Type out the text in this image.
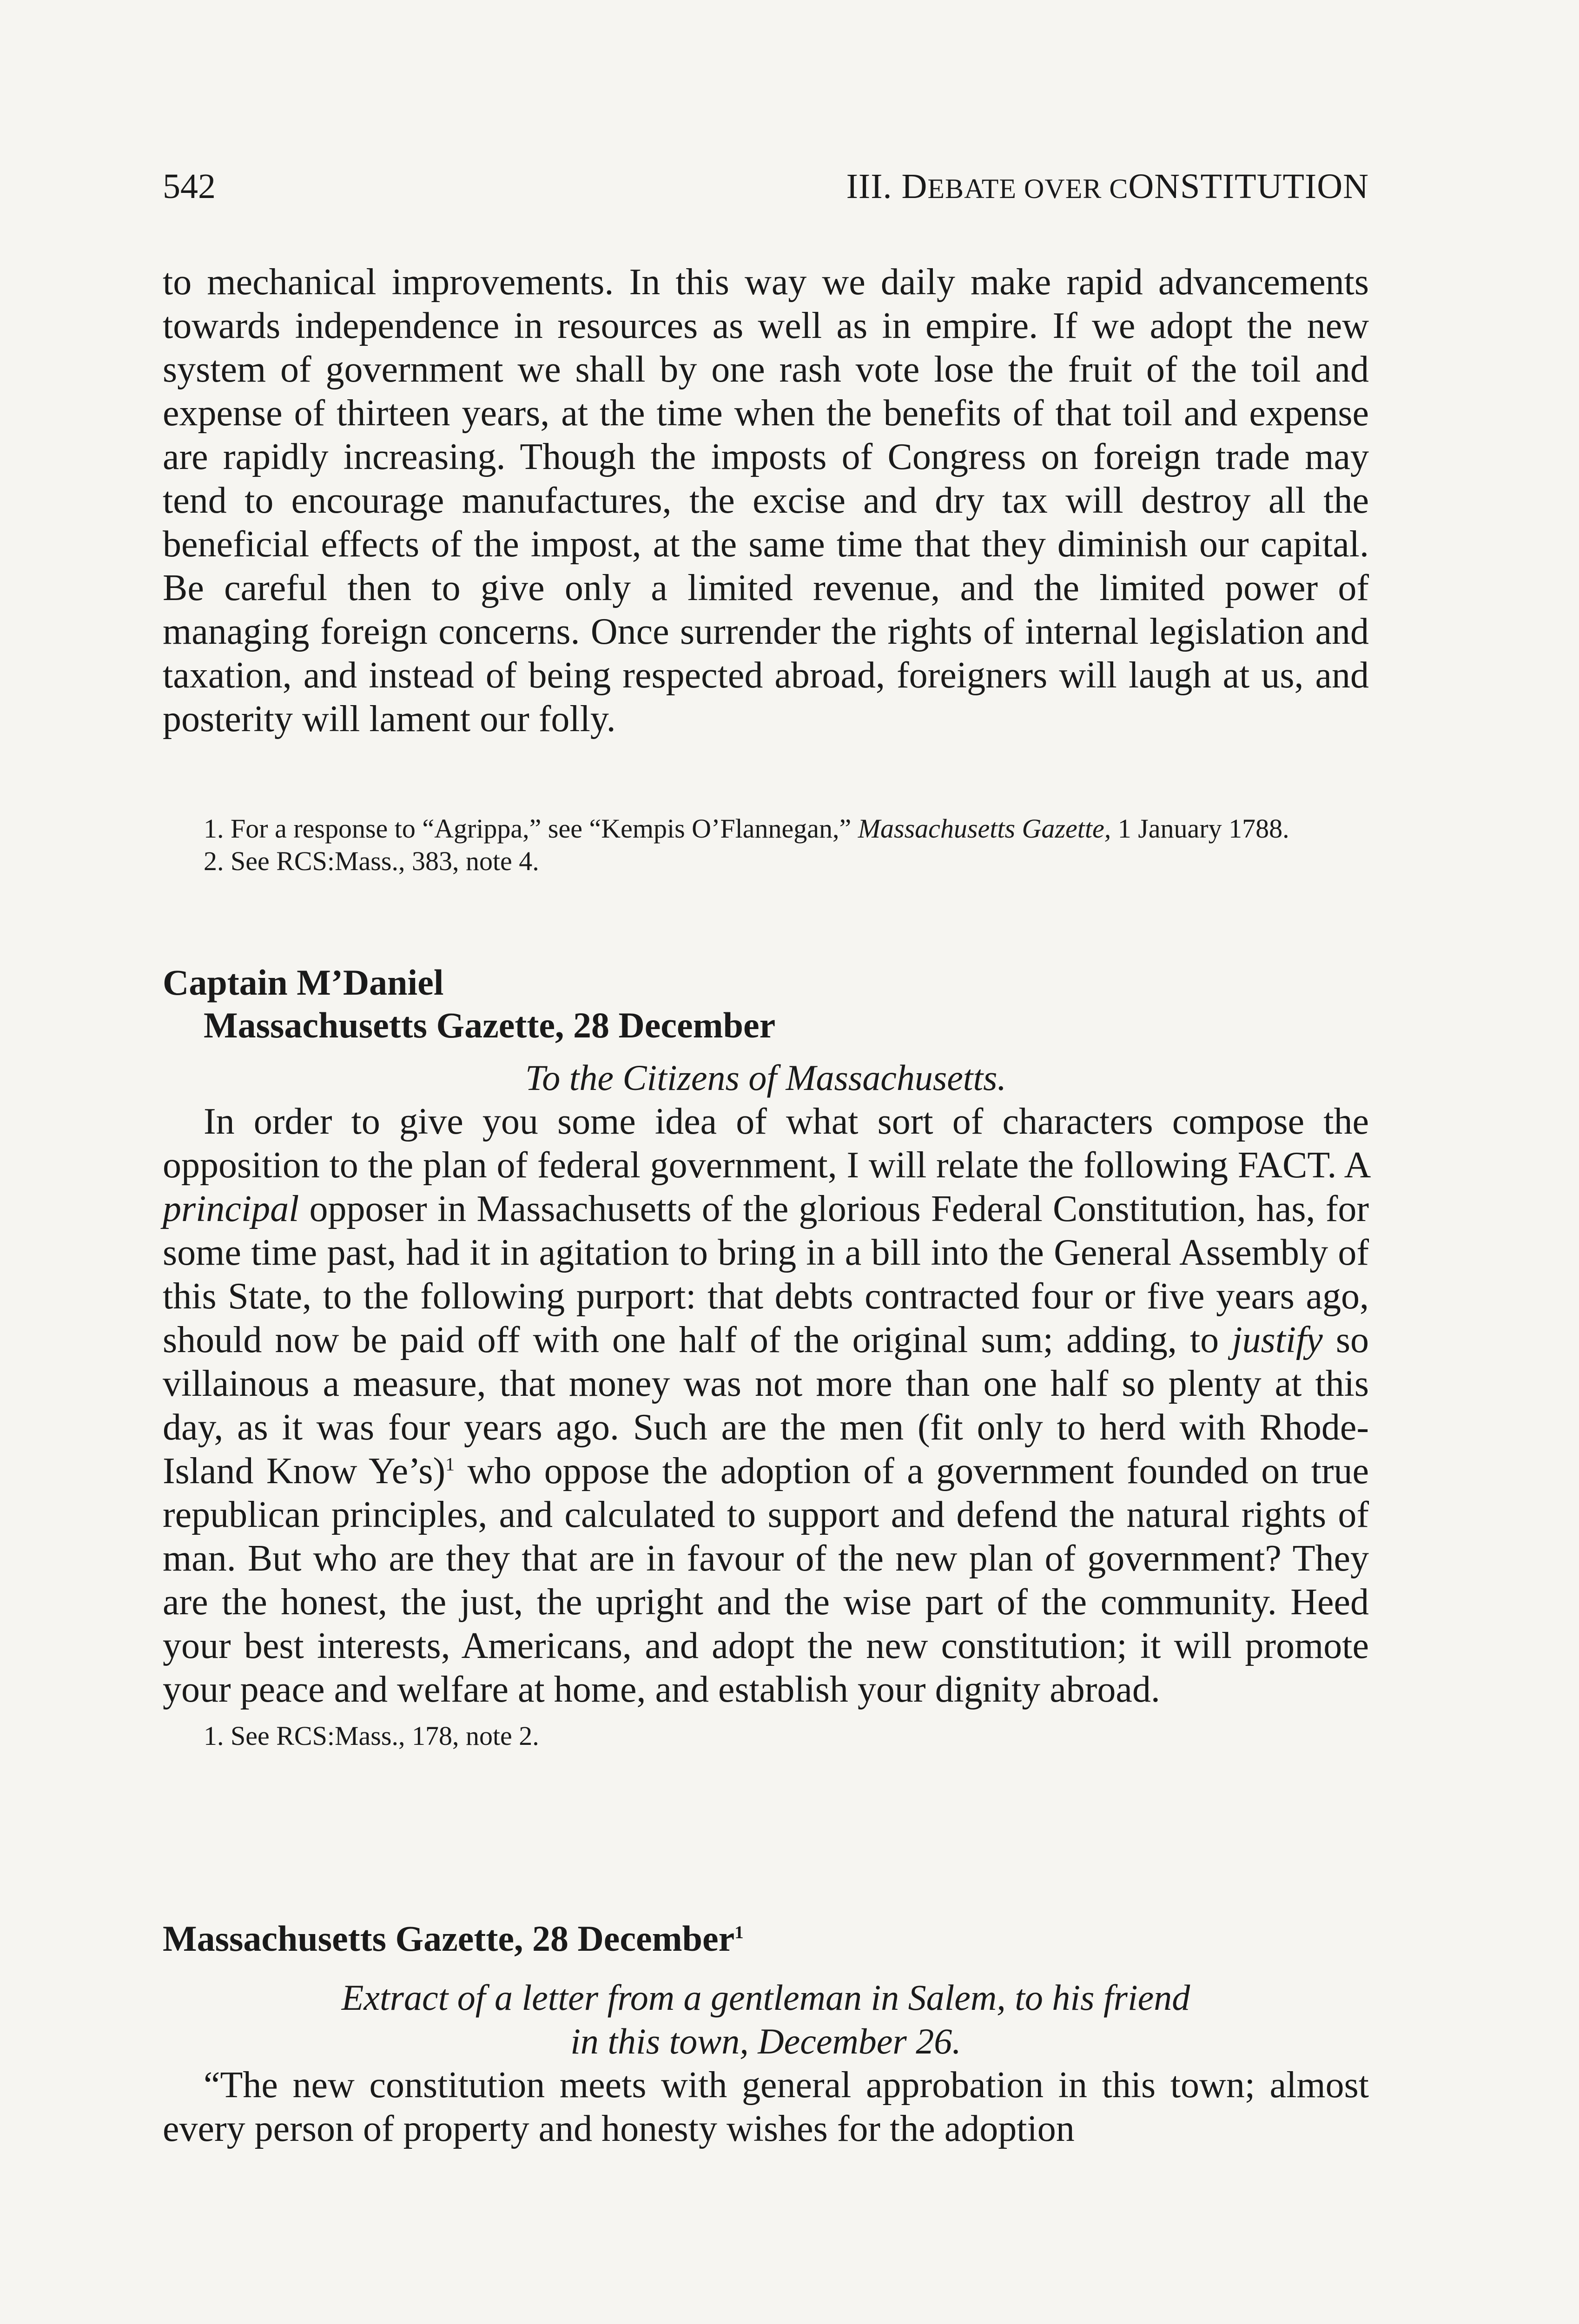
542	III. DEBATE OVER CONSTITUTION

to mechanical improvements. In this way we daily make rapid advancements towards independence in resources as well as in empire. If we adopt the new system of government we shall by one rash vote lose the fruit of the toil and expense of thirteen years, at the time when the benefits of that toil and expense are rapidly increasing. Though the imposts of Congress on foreign trade may tend to encourage manufactures, the excise and dry tax will destroy all the beneficial effects of the impost, at the same time that they diminish our capital. Be careful then to give only a limited revenue, and the limited power of managing foreign concerns. Once surrender the rights of internal legislation and taxation, and instead of being respected abroad, foreigners will laugh at us, and posterity will lament our folly.

1. For a response to “Agrippa,” see “Kempis O’Flannegan,” Massachusetts Gazette, 1 January 1788.

2. See RCS:Mass., 383, note 4.

Captain M’Daniel
Massachusetts Gazette, 28 December
To the Citizens of Massachusetts.

In order to give you some idea of what sort of characters compose the opposition to the plan of federal government, I will relate the following FACT. A principal opposer in Massachusetts of the glorious Federal Constitution, has, for some time past, had it in agitation to bring in a bill into the General Assembly of this State, to the following purport: that debts contracted four or five years ago, should now be paid off with one half of the original sum; adding, to justify so villainous a measure, that money was not more than one half so plenty at this day, as it was four years ago. Such are the men (fit only to herd with Rhode-Island Know Ye’s)$^1$ who oppose the adoption of a government founded on true republican principles, and calculated to support and defend the natural rights of man. But who are they that are in favour of the new plan of government? They are the honest, the just, the upright and the wise part of the community. Heed your best interests, Americans, and adopt the new constitution; it will promote your peace and welfare at home, and establish your dignity abroad.

1. See RCS:Mass., 178, note 2.

Massachusetts Gazette, 28 December$^1$
Extract of a letter from a gentleman in Salem, to his friend
in this town, December 26.

“The new constitution meets with general approbation in this town; almost every person of property and honesty wishes for the adoption
